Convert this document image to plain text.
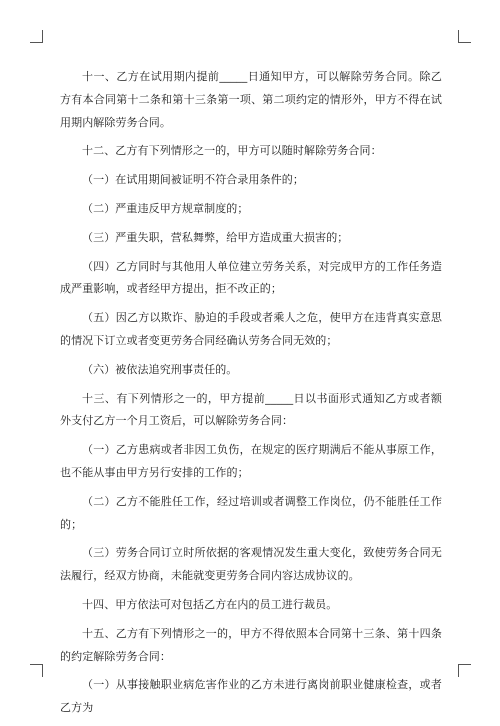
十一、乙方在试用期内提前_____日通知甲方，可以解除劳务合同。除乙方有本合同第十二条和第十三条第一项、第二项约定的情形外，甲方不得在试用期内解除劳务合同。

十二、乙方有下列情形之一的，甲方可以随时解除劳务合同：

（一）在试用期间被证明不符合录用条件的；

（二）严重违反甲方规章制度的；

（三）严重失职，营私舞弊，给甲方造成重大损害的；

（四）乙方同时与其他用人单位建立劳务关系，对完成甲方的工作任务造成严重影响，或者经甲方提出，拒不改正的；

（五）因乙方以欺诈、胁迫的手段或者乘人之危，使甲方在违背真实意思的情况下订立或者变更劳务合同经确认劳务合同无效的；

（六）被依法追究刑事责任的。

十三、有下列情形之一的，甲方提前_____日以书面形式通知乙方或者额外支付乙方一个月工资后，可以解除劳务合同：

（一）乙方患病或者非因工负伤，在规定的医疗期满后不能从事原工作，也不能从事由甲方另行安排的工作的；

（二）乙方不能胜任工作，经过培训或者调整工作岗位，仍不能胜任工作的；

（三）劳务合同订立时所依据的客观情况发生重大变化，致使劳务合同无法履行，经双方协商，未能就变更劳务合同内容达成协议的。

十四、甲方依法可对包括乙方在内的员工进行裁员。

十五、乙方有下列情形之一的，甲方不得依照本合同第十三条、第十四条的约定解除劳务合同：

（一）从事接触职业病危害作业的乙方未进行离岗前职业健康检查，或者乙方为
